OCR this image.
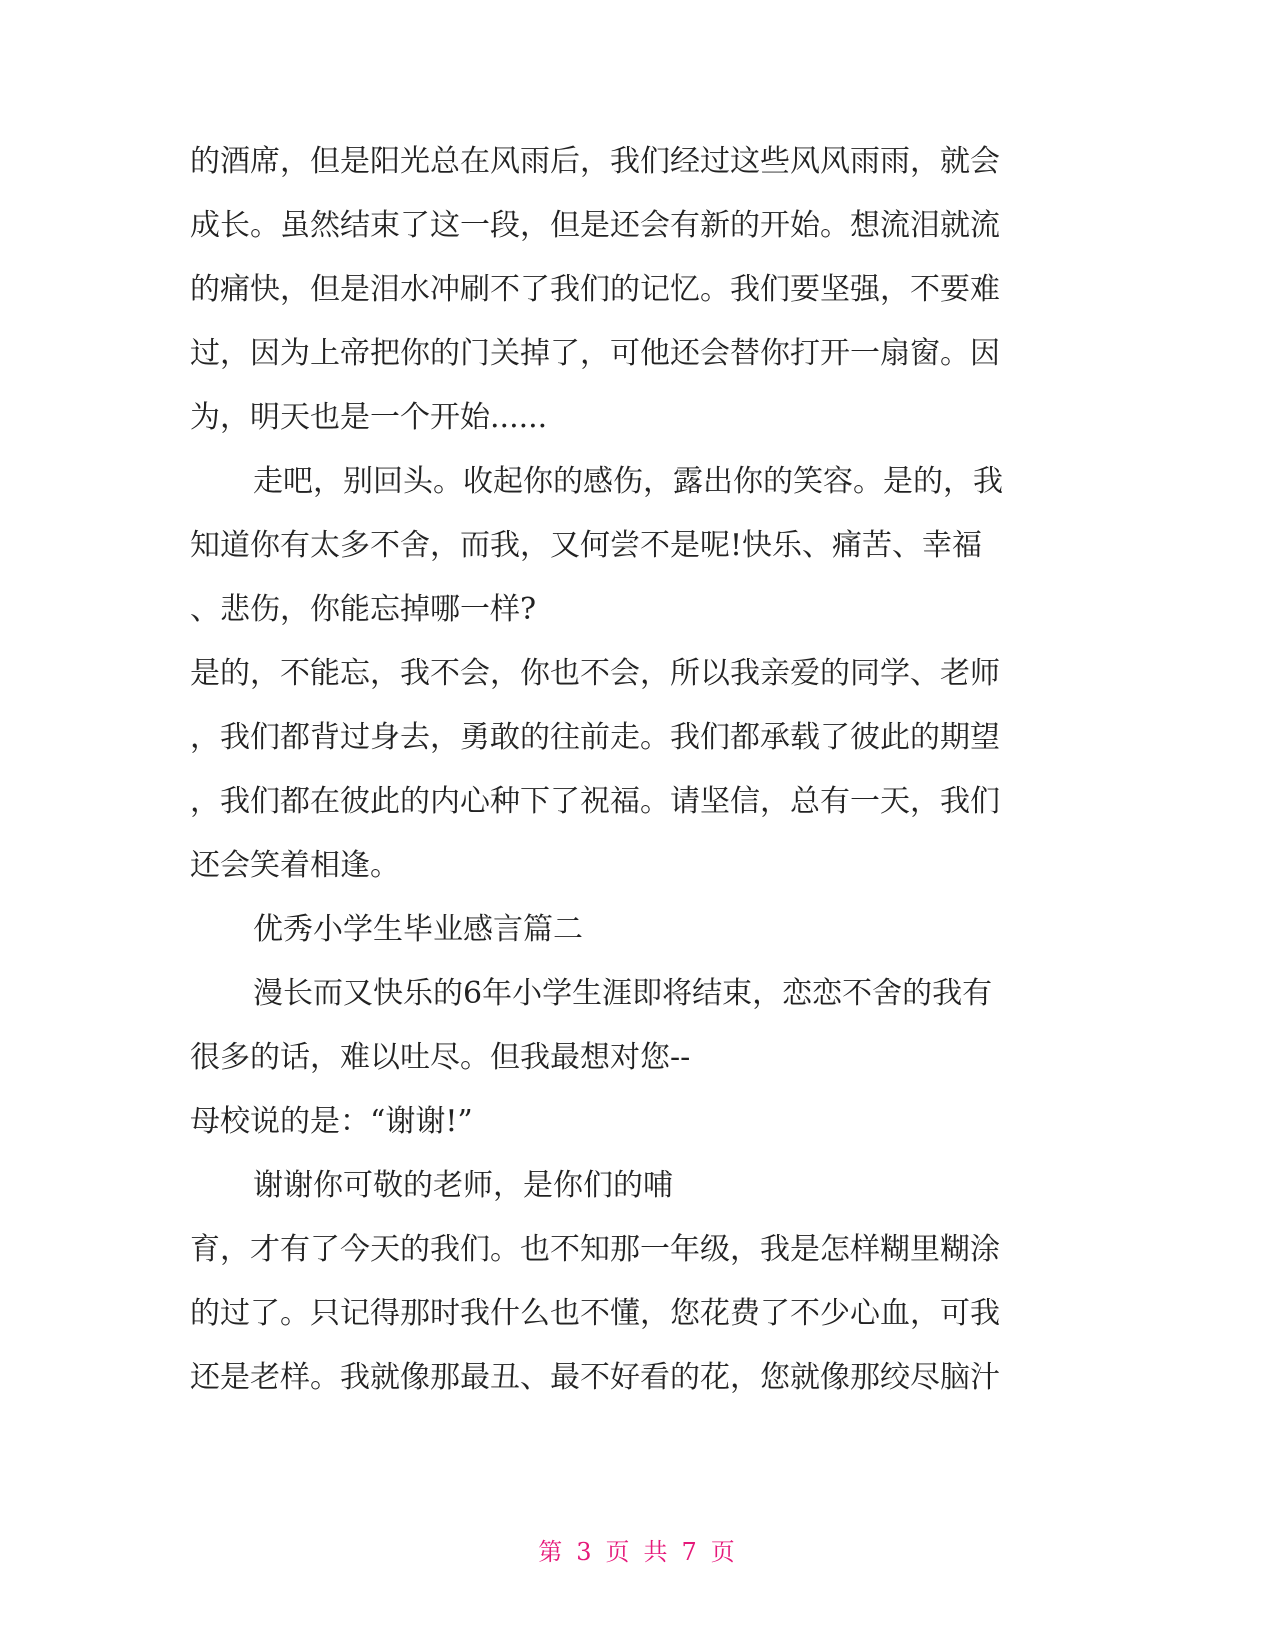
的酒席，但是阳光总在风雨后，我们经过这些风风雨雨，就会
成长。虽然结束了这一段，但是还会有新的开始。想流泪就流
的痛快，但是泪水冲刷不了我们的记忆。我们要坚强，不要难
过，因为上帝把你的门关掉了，可他还会替你打开一扇窗。因
为，明天也是一个开始......
走吧，别回头。收起你的感伤，露出你的笑容。是的，我
知道你有太多不舍，而我，又何尝不是呢!快乐、痛苦、幸福
、悲伤，你能忘掉哪一样?
是的，不能忘，我不会，你也不会，所以我亲爱的同学、老师
，我们都背过身去，勇敢的往前走。我们都承载了彼此的期望
，我们都在彼此的内心种下了祝福。请坚信，总有一天，我们
还会笑着相逢。
优秀小学生毕业感言篇二
漫长而又快乐的6年小学生涯即将结束，恋恋不舍的我有
很多的话，难以吐尽。但我最想对您--
母校说的是：“谢谢!”
谢谢你可敬的老师，是你们的哺
育，才有了今天的我们。也不知那一年级，我是怎样糊里糊涂
的过了。只记得那时我什么也不懂，您花费了不少心血，可我
还是老样。我就像那最丑、最不好看的花，您就像那绞尽脑汁
第 3 页 共 7 页
